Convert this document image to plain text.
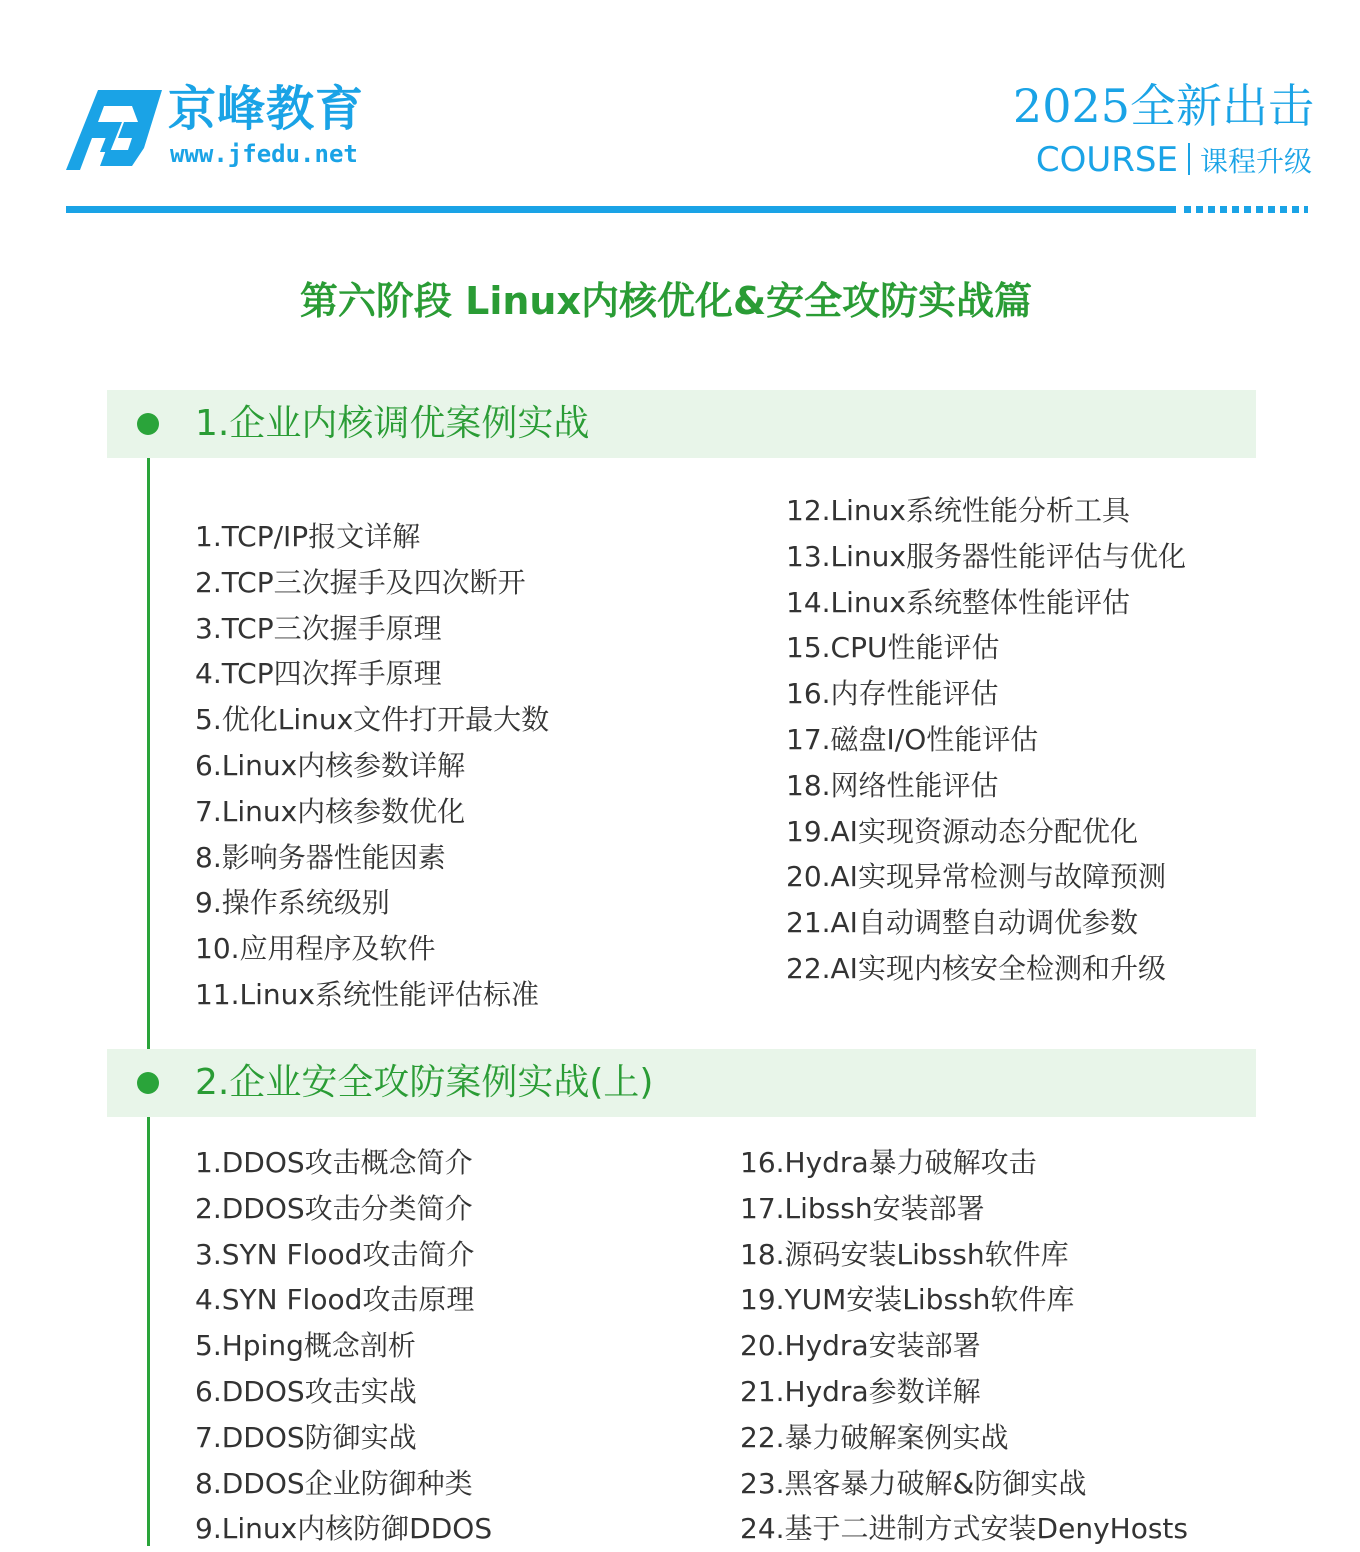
京峰教育
www.jfedu.net
2025全新出击
COURSE 课程升级
第六阶段 Linux内核优化&安全攻防实战篇
1.企业内核调优案例实战
1.TCP/IP报文详解
2.TCP三次握手及四次断开
3.TCP三次握手原理
4.TCP四次挥手原理
5.优化Linux文件打开最大数
6.Linux内核参数详解
7.Linux内核参数优化
8.影响务器性能因素
9.操作系统级别
10.应用程序及软件
11.Linux系统性能评估标准
12.Linux系统性能分析工具
13.Linux服务器性能评估与优化
14.Linux系统整体性能评估
15.CPU性能评估
16.内存性能评估
17.磁盘I/O性能评估
18.网络性能评估
19.AI实现资源动态分配优化
20.AI实现异常检测与故障预测
21.AI自动调整自动调优参数
22.AI实现内核安全检测和升级
2.企业安全攻防案例实战(上)
1.DDOS攻击概念简介
2.DDOS攻击分类简介
3.SYN Flood攻击简介
4.SYN Flood攻击原理
5.Hping概念剖析
6.DDOS攻击实战
7.DDOS防御实战
8.DDOS企业防御种类
9.Linux内核防御DDOS
16.Hydra暴力破解攻击
17.Libssh安装部署
18.源码安装Libssh软件库
19.YUM安装Libssh软件库
20.Hydra安装部署
21.Hydra参数详解
22.暴力破解案例实战
23.黑客暴力破解&防御实战
24.基于二进制方式安装DenyHosts
